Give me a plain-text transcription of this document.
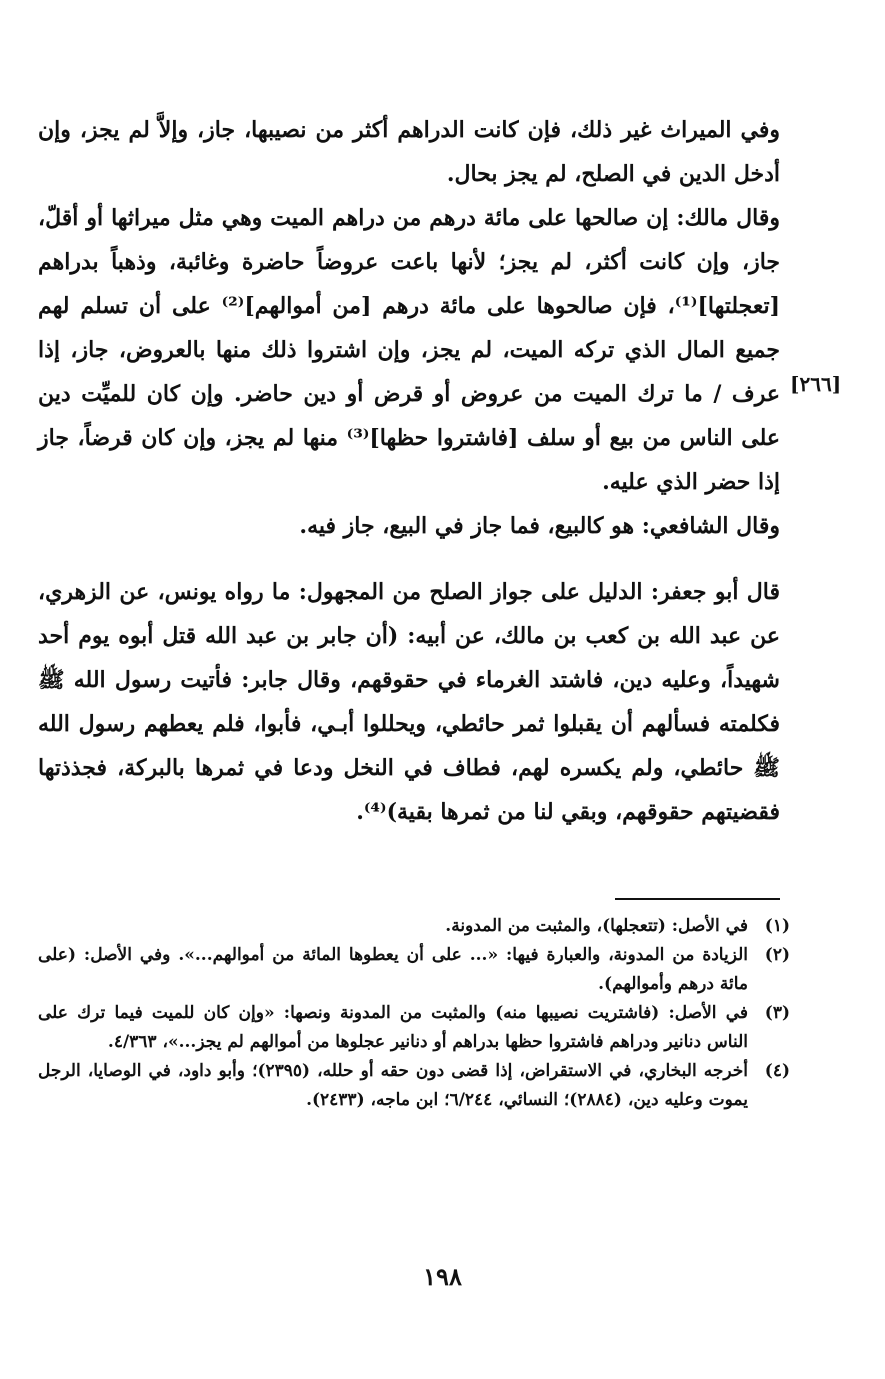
وفي الميراث غير ذلك، فإن كانت الدراهم أكثر من نصيبها، جاز، وإلاَّ لم يجز، وإن أدخل الدين في الصلح، لم يجز بحال.

وقال مالك: إن صالحها على مائة درهم من دراهم الميت وهي مثل ميراثها أو أقلّ، جاز، وإن كانت أكثر، لم يجز؛ لأنها باعت عروضاً حاضرة وغائبة، وذهباً بدراهم [تعجلتها]⁽¹⁾، فإن صالحوها على مائة درهم [من أموالهم]⁽²⁾ على أن تسلم لهم جميع المال الذي تركه الميت، لم يجز، وإن اشتروا ذلك منها بالعروض، جاز، إذا عرف / ما ترك الميت من عروض أو قرض أو دين حاضر. وإن كان للميِّت دين على الناس من بيع أو سلف [فاشتروا حظها]⁽³⁾ منها لم يجز، وإن كان قرضاً، جاز إذا حضر الذي عليه.

وقال الشافعي: هو كالبيع، فما جاز في البيع، جاز فيه.

قال أبو جعفر: الدليل على جواز الصلح من المجهول: ما رواه يونس، عن الزهري، عن عبد الله بن كعب بن مالك، عن أبيه: (أن جابر بن عبد الله قتل أبوه يوم أحد شهيداً، وعليه دين، فاشتد الغرماء في حقوقهم، وقال جابر: فأتيت رسول الله ﷺ فكلمته فسألهم أن يقبلوا ثمر حائطي، ويحللوا أبـي، فأبوا، فلم يعطهم رسول الله ﷺ حائطي، ولم يكسره لهم، فطاف في النخل ودعا في ثمرها بالبركة، فجذذتها فقضيتهم حقوقهم، وبقي لنا من ثمرها بقية)⁽⁴⁾.

[٢٦٦]
(١)
في الأصل: (تتعجلها)، والمثبت من المدونة.
(٢)
الزيادة من المدونة، والعبارة فيها: «... على أن يعطوها المائة من أموالهم...». وفي الأصل: (على مائة درهم وأموالهم).
(٣)
في الأصل: (فاشتريت نصيبها منه) والمثبت من المدونة ونصها: «وإن كان للميت فيما ترك على الناس دنانير ودراهم فاشتروا حظها بدراهم أو دنانير عجلوها من أموالهم لم يجز...»، ٤/٣٦٣.
(٤)
أخرجه البخاري، في الاستقراض، إذا قضى دون حقه أو حلله، (٢٣٩٥)؛ وأبو داود، في الوصايا، الرجل يموت وعليه دين، (٢٨٨٤)؛ النسائي، ٦/٢٤٤؛ ابن ماجه، (٢٤٣٣).
١٩٨
